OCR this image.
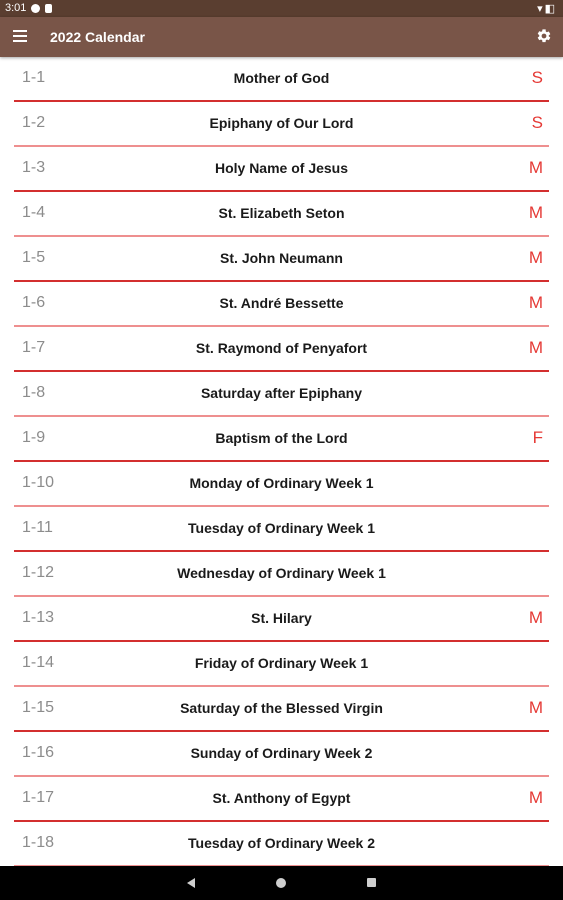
3:01	▾◧
2022 Calendar
1-1	Mother of God	S
1-2	Epiphany of Our Lord	S
1-3	Holy Name of Jesus	M
1-4	St. Elizabeth Seton	M
1-5	St. John Neumann	M
1-6	St. André Bessette	M
1-7	St. Raymond of Penyafort	M
1-8	Saturday after Epiphany
1-9	Baptism of the Lord	F
1-10	Monday of Ordinary Week 1
1-11	Tuesday of Ordinary Week 1
1-12	Wednesday of Ordinary Week 1
1-13	St. Hilary	M
1-14	Friday of Ordinary Week 1
1-15	Saturday of the Blessed Virgin	M
1-16	Sunday of Ordinary Week 2
1-17	St. Anthony of Egypt	M
1-18	Tuesday of Ordinary Week 2
